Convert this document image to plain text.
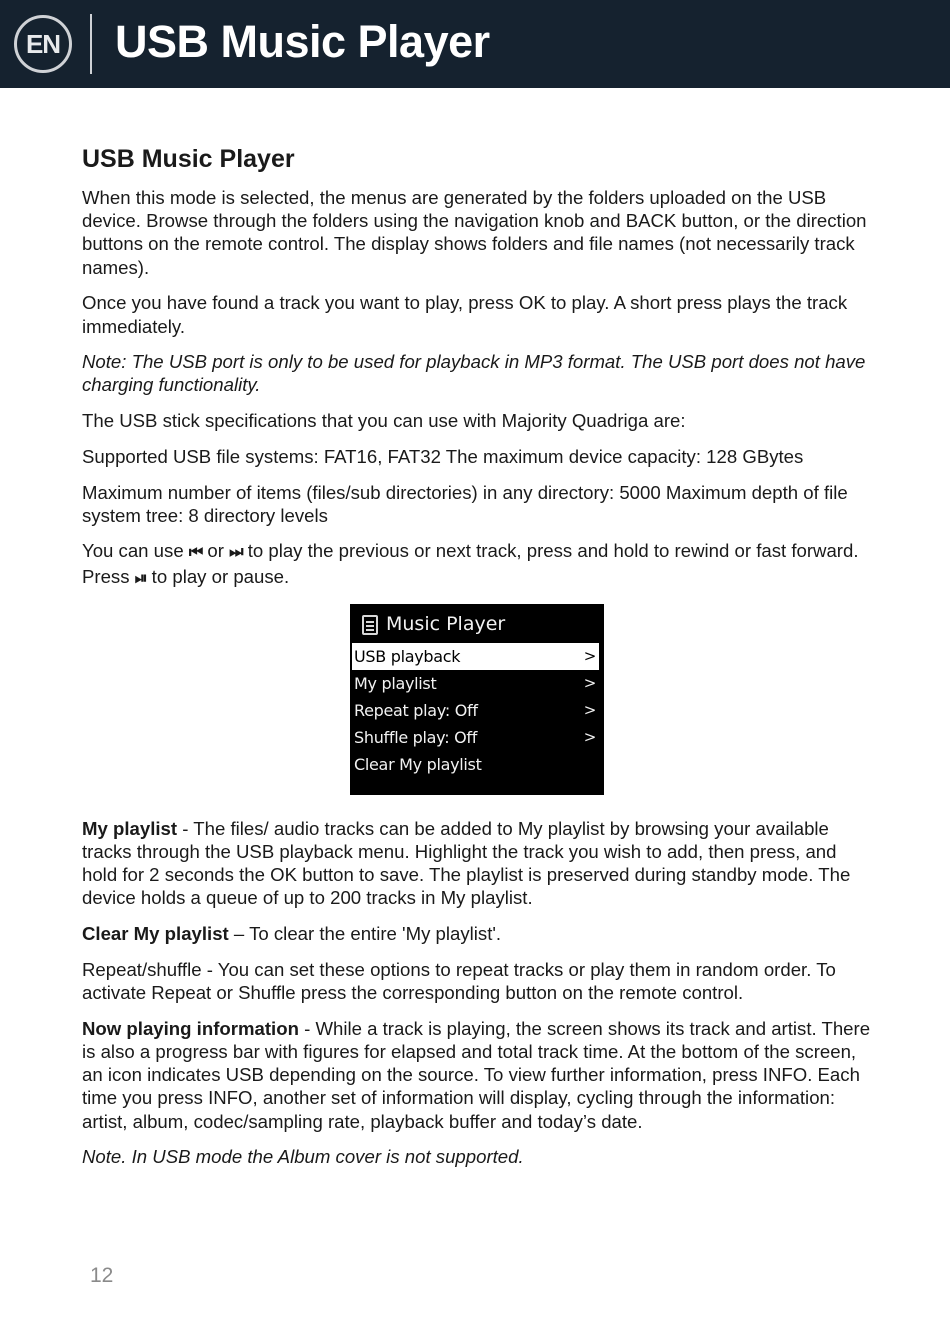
EN USB Music Player
USB Music Player

When this mode is selected, the menus are generated by the folders uploaded on the USB device. Browse through the folders using the navigation knob and BACK button, or the direction buttons on the remote control. The display shows folders and file names (not necessarily track names).

Once you have found a track you want to play, press OK to play. A short press plays the track immediately.

Note: The USB port is only to be used for playback in MP3 format. The USB port does not have charging functionality.

The USB stick specifications that you can use with Majority Quadriga are:

Supported USB file systems: FAT16, FAT32 The maximum device capacity: 128 GBytes

Maximum number of items (files/sub directories) in any directory: 5000 Maximum depth of file system tree: 8 directory levels

You can use ⏮ or ⏭ to play the previous or next track, press and hold to rewind or fast forward. Press ⏯ to play or pause.

Music Player
USB playback	>
My playlist	>
Repeat play: Off	>
Shuffle play: Off	>
Clear My playlist

My playlist - The files/ audio tracks can be added to My playlist by browsing your available tracks through the USB playback menu. Highlight the track you wish to add, then press, and hold for 2 seconds the OK button to save. The playlist is preserved during standby mode. The device holds a queue of up to 200 tracks in My playlist.

Clear My playlist – To clear the entire 'My playlist'.

Repeat/shuffle - You can set these options to repeat tracks or play them in random order. To activate Repeat or Shuffle press the corresponding button on the remote control.

Now playing information - While a track is playing, the screen shows its track and artist. There is also a progress bar with figures for elapsed and total track time. At the bottom of the screen, an icon indicates USB depending on the source. To view further information, press INFO. Each time you press INFO, another set of information will display, cycling through the information: artist, album, codec/sampling rate, playback buffer and today’s date.

Note. In USB mode the Album cover is not supported.

12
